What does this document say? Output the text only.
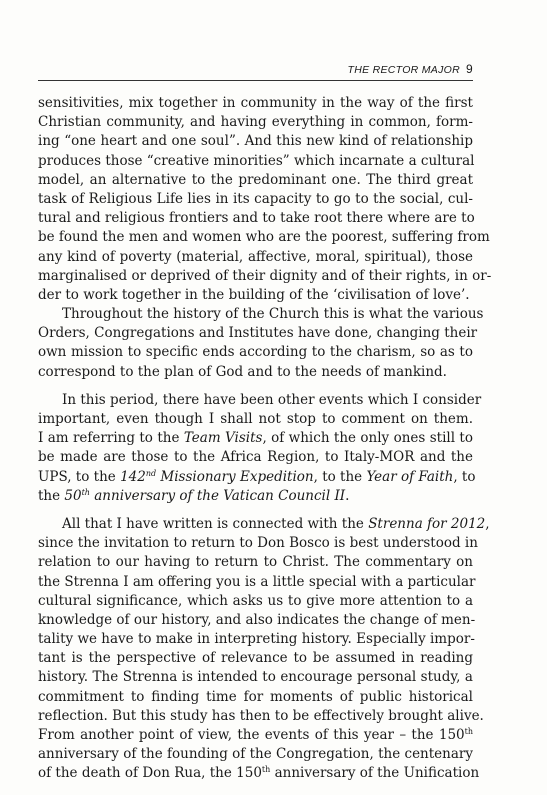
THE RECTOR MAJOR 9
sensitivities, mix together in community in the way of the first
Christian community, and having everything in common, form-
ing “one heart and one soul”. And this new kind of relationship
produces those “creative minorities” which incarnate a cultural
model, an alternative to the predominant one. The third great
task of Religious Life lies in its capacity to go to the social, cul-
tural and religious frontiers and to take root there where are to
be found the men and women who are the poorest, suffering from
any kind of poverty (material, affective, moral, spiritual), those
marginalised or deprived of their dignity and of their rights, in or-
der to work together in the building of the ‘civilisation of love’.
Throughout the history of the Church this is what the various
Orders, Congregations and Institutes have done, changing their
own mission to specific ends according to the charism, so as to
correspond to the plan of God and to the needs of mankind.
In this period, there have been other events which I consider
important, even though I shall not stop to comment on them.
I am referring to the Team Visits, of which the only ones still to
be made are those to the Africa Region, to Italy-MOR and the
UPS, to the 142nd Missionary Expedition, to the Year of Faith, to
the 50th anniversary of the Vatican Council II.
All that I have written is connected with the Strenna for 2012,
since the invitation to return to Don Bosco is best understood in
relation to our having to return to Christ. The commentary on
the Strenna I am offering you is a little special with a particular
cultural significance, which asks us to give more attention to a
knowledge of our history, and also indicates the change of men-
tality we have to make in interpreting history. Especially impor-
tant is the perspective of relevance to be assumed in reading
history. The Strenna is intended to encourage personal study, a
commitment to finding time for moments of public historical
reflection. But this study has then to be effectively brought alive.
From another point of view, the events of this year – the 150th
anniversary of the founding of the Congregation, the centenary
of the death of Don Rua, the 150th anniversary of the Unification
